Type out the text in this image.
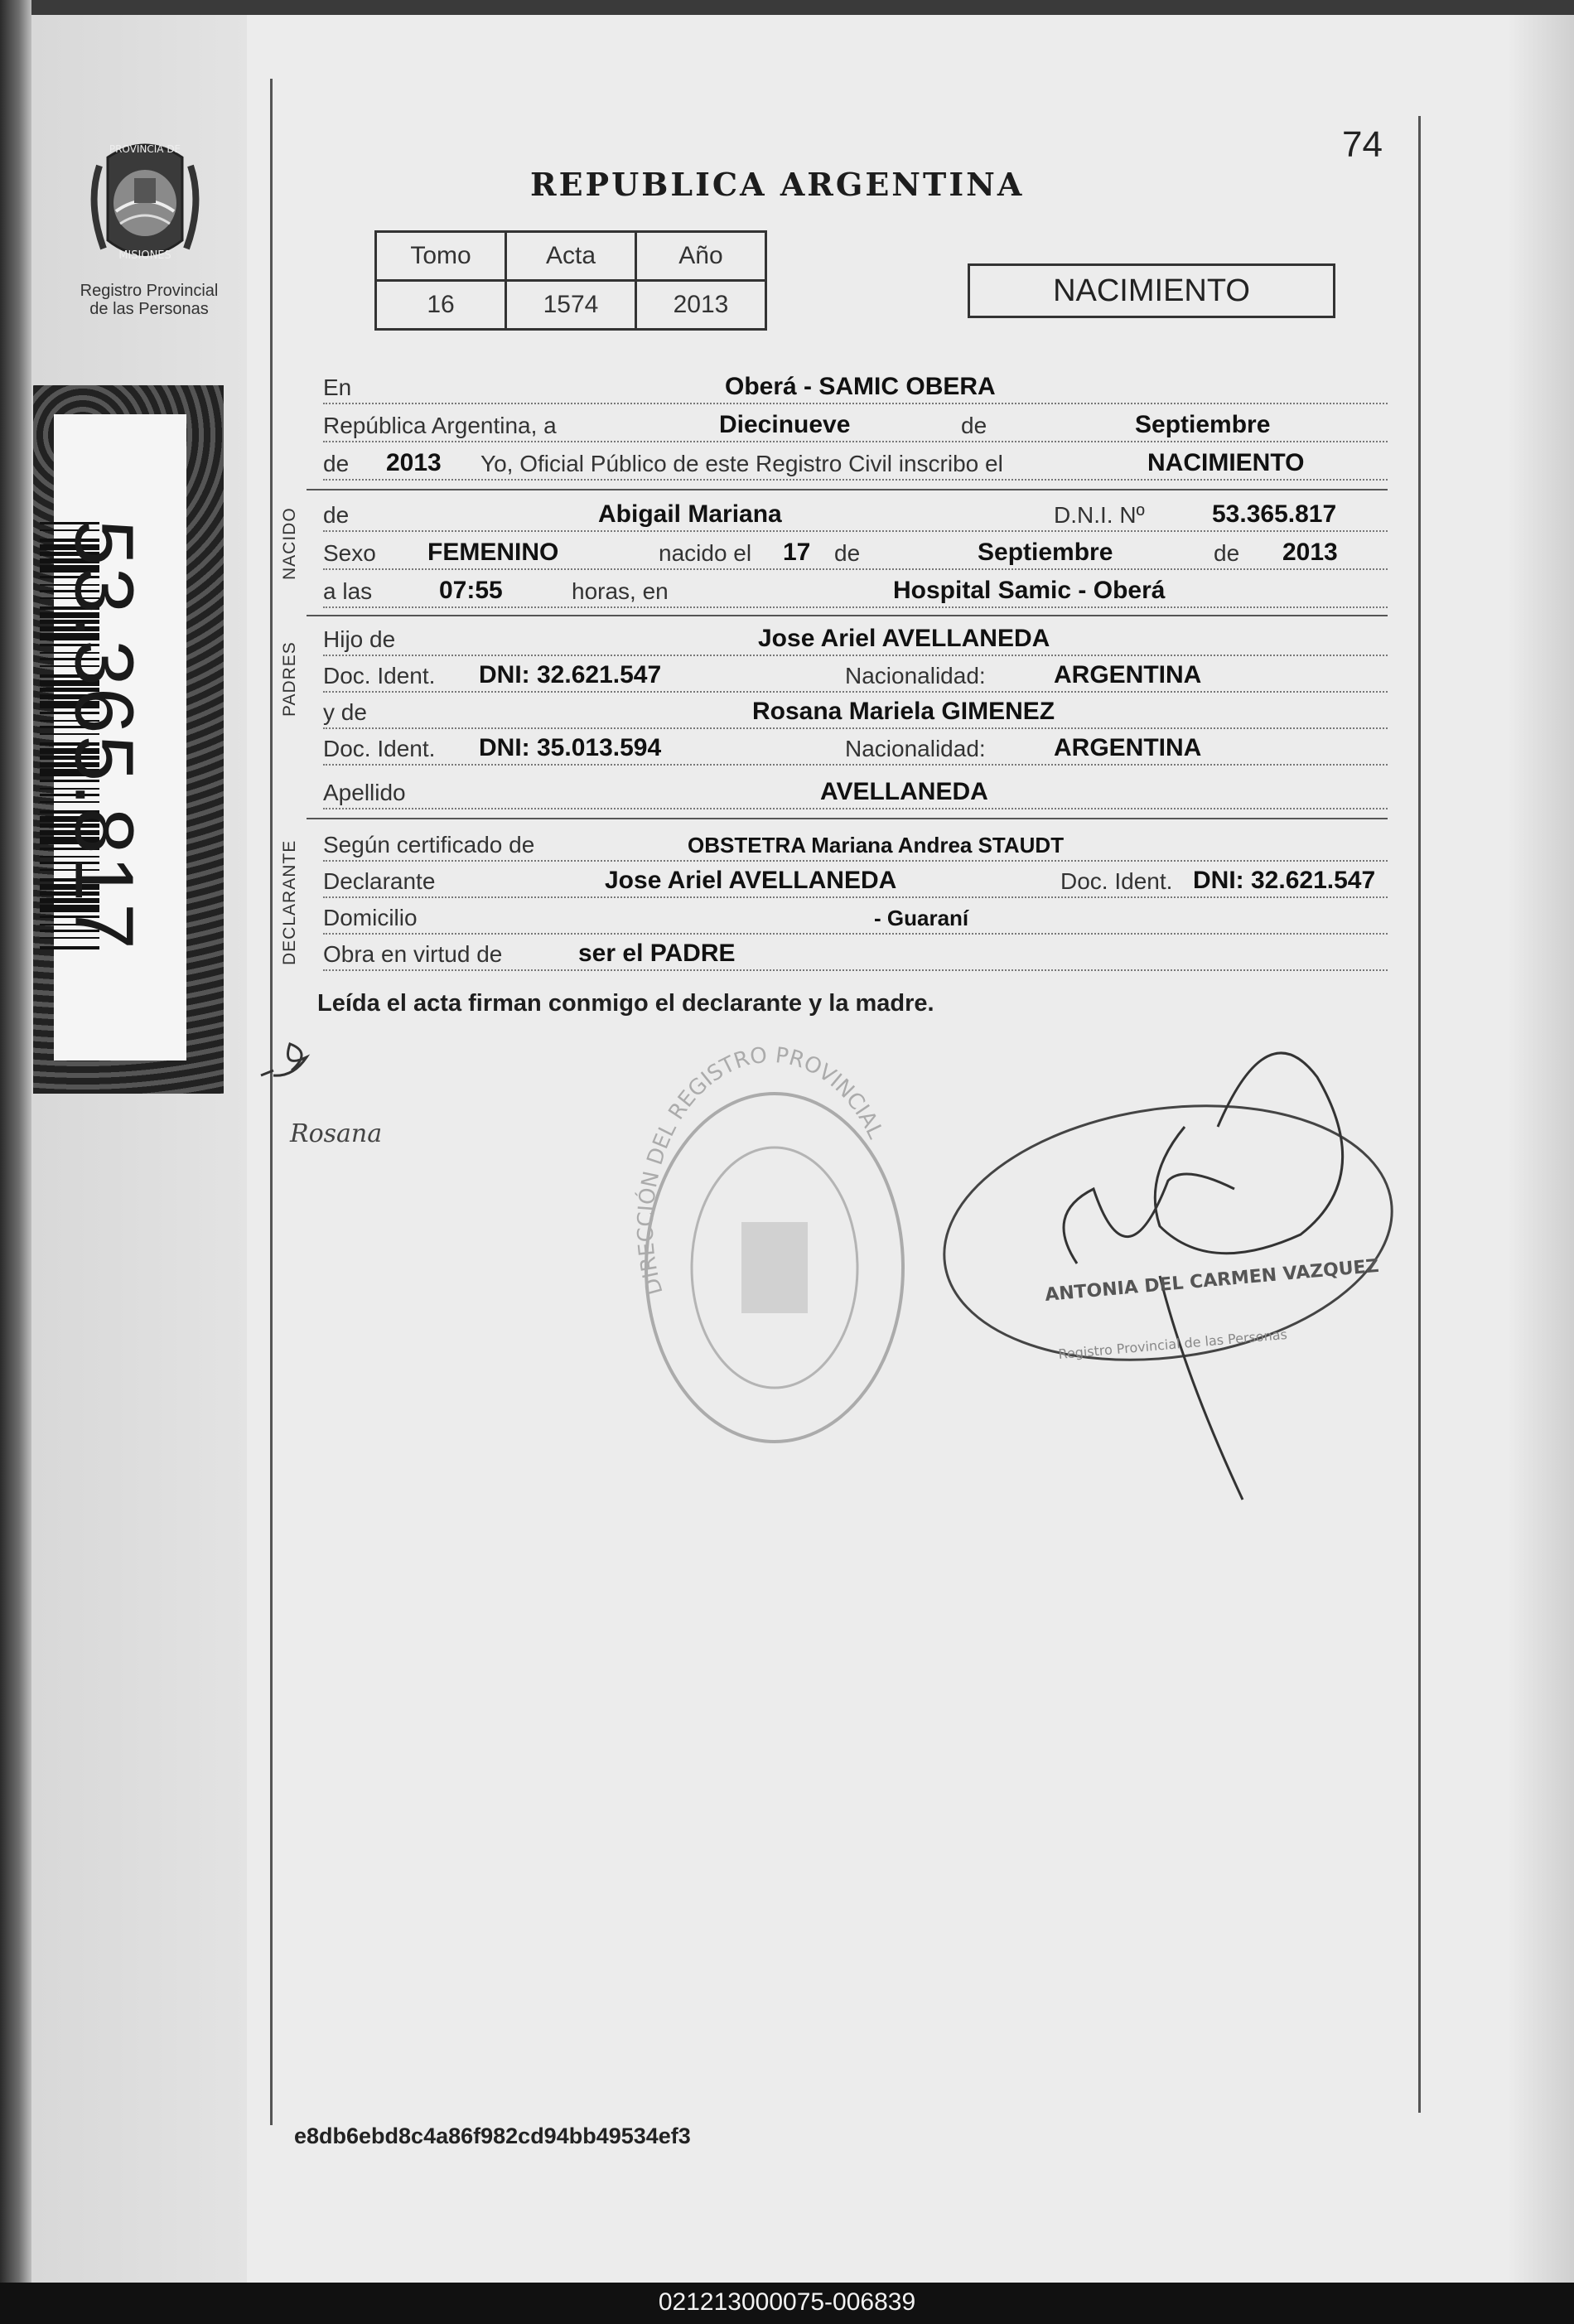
PROVINCIA DE
MISIONES
Registro Provincial
de las Personas
53.365.817
74
REPUBLICA ARGENTINA
Tomo	Acta	Año
16	1574	2013	NACIMIENTO
En	Oberá - SAMIC OBERA
República Argentina, a	Diecinueve	de	Septiembre
de 2013 Yo, Oficial Público de este Registro Civil inscribo el	NACIMIENTO
NACIDO de	Abigail Mariana	D.N.I. Nº	53.365.817
Sexo FEMENINO	nacido el 17 de	Septiembre	de 2013
a las	07:55	horas, en	Hospital Samic - Oberá
PADRES
Hijo de	Jose Ariel AVELLANEDA
Doc. Ident. DNI: 32.621.547	Nacionalidad:	ARGENTINA
y de	Rosana Mariela GIMENEZ
Doc. Ident. DNI: 35.013.594	Nacionalidad:	ARGENTINA
Apellido	AVELLANEDA
DECLARANTE Según certificado de	OBSTETRA Mariana Andrea STAUDT
Declarante	Jose Ariel AVELLANEDA	Doc. Ident. DNI: 32.621.547
Domicilio	- Guaraní
Obra en virtud de	ser el PADRE
Leída el acta firman conmigo el declarante y la madre.
Rosana
DIRECCIÓN DEL REGISTRO PROVINCIAL
ANTONIA DEL CARMEN VAZQUEZ
Registro Provincial de las Personas
e8db6ebd8c4a86f982cd94bb49534ef3
021213000075-006839
